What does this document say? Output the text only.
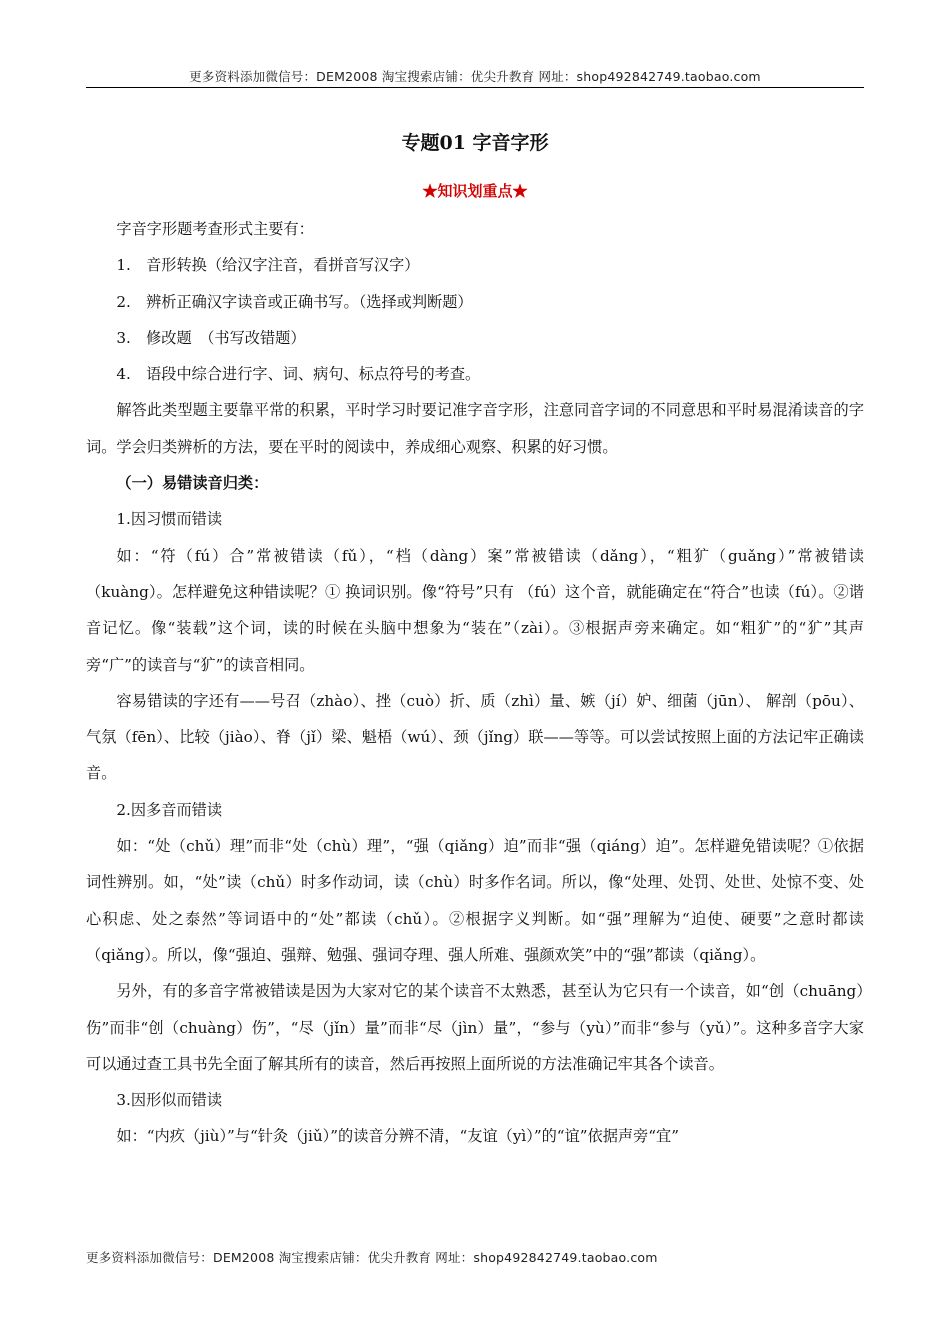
更多资料添加微信号：DEM2008 淘宝搜索店铺：优尖升教育 网址：shop492842749.taobao.com
专题01 字音字形
★知识划重点★

字音字形题考查形式主要有：

1.　音形转换（给汉字注音，看拼音写汉字）

2.　辨析正确汉字读音或正确书写。（选择或判断题）

3.　修改题　（书写改错题）

4.　语段中综合进行字、词、病句、标点符号的考查。

解答此类型题主要靠平常的积累，平时学习时要记准字音字形，注意同音字词的不同意思和平时易混淆读音的字词。学会归类辨析的方法，要在平时的阅读中，养成细心观察、积累的好习惯。

（一）易错读音归类：

1.因习惯而错读

如：“符（fú）合”常被错读（fǔ），“档（dàng）案”常被错读（dǎng），“粗犷（guǎng）”常被错读（kuàng）。怎样避免这种错读呢？① 换词识别。像“符号”只有 （fú）这个音，就能确定在“符合”也读（fú）。②谐音记忆。像“装载”这个词，读的时候在头脑中想象为“装在”（zài）。③根据声旁来确定。如“粗犷”的“犷”其声旁“广”的读音与“犷”的读音相同。

容易错读的字还有——号召（zhào）、挫（cuò）折、质（zhì）量、嫉（jí）妒、细菌（jūn）、 解剖（pōu）、气氛（fēn）、比较（jiào）、脊（jǐ）梁、魁梧（wú）、颈（jǐng）联——等等。可以尝试按照上面的方法记牢正确读音。

2.因多音而错读

如：“处（chǔ）理”而非“处（chù）理”，“强（qiǎng）迫”而非“强（qiáng）迫”。怎样避免错读呢？①依据词性辨别。如，“处”读（chǔ）时多作动词，读（chù）时多作名词。所以，像“处理、处罚、处世、处惊不变、处心积虑、处之泰然”等词语中的“处”都读（chǔ）。②根据字义判断。如“强”理解为“迫使、硬要”之意时都读（qiǎng）。所以，像“强迫、强辩、勉强、强词夺理、强人所难、强颜欢笑”中的“强”都读（qiǎng）。

另外，有的多音字常被错读是因为大家对它的某个读音不太熟悉，甚至认为它只有一个读音，如“创（chuāng）伤”而非“创（chuàng）伤”，“尽（jǐn）量”而非“尽（jìn）量”，“参与（yù）”而非“参与（yǔ）”。这种多音字大家可以通过查工具书先全面了解其所有的读音，然后再按照上面所说的方法准确记牢其各个读音。

3.因形似而错读

如：“内疚（jiù）”与“针灸（jiǔ）”的读音分辨不清，“友谊（yì）”的“谊”依据声旁“宜”

更多资料添加微信号：DEM2008 淘宝搜索店铺：优尖升教育 网址：shop492842749.taobao.com
